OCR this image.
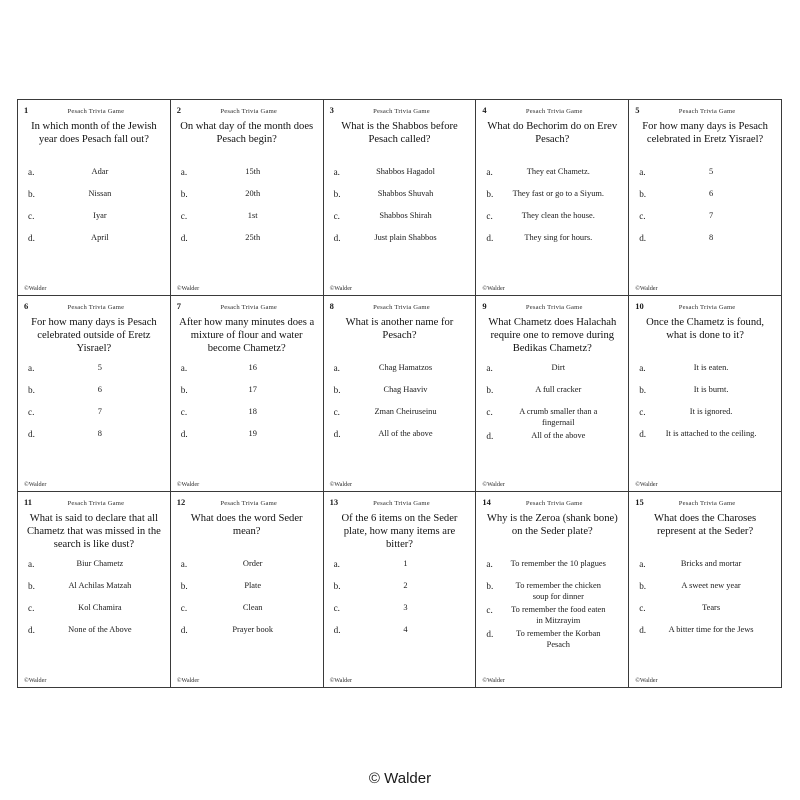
1	Pesach Trivia Game
In which month of the Jewish year does Pesach fall out?
a.	Adar
b.	Nissan
c.	Iyar
d.	April
©Walder
2	Pesach Trivia Game
On what day of the month does Pesach begin?
a.	15th
b.	20th
c.	1st
d.	25th
©Walder
3	Pesach Trivia Game
What is the Shabbos before Pesach called?
a.	Shabbos Hagadol
b.	Shabbos Shuvah
c.	Shabbos Shirah
d.	Just plain Shabbos
©Walder
4	Pesach Trivia Game
What do Bechorim do on Erev Pesach?
a.	They eat Chametz.
b.	They fast or go to a Siyum.
c.	They clean the house.
d.	They sing for hours.
©Walder
5	Pesach Trivia Game
For how many days is Pesach celebrated in Eretz Yisrael?
a.	5
b.	6
c.	7
d.	8
©Walder
6	Pesach Trivia Game
For how many days is Pesach celebrated outside of Eretz Yisrael?
a.	5
b.	6
c.	7
d.	8
©Walder
7	Pesach Trivia Game
After how many minutes does a mixture of flour and water become Chametz?
a.	16
b.	17
c.	18
d.	19
©Walder
8	Pesach Trivia Game
What is another name for Pesach?
a.	Chag Hamatzos
b.	Chag Haaviv
c.	Zman Cheiruseinu
d.	All of the above
©Walder
9	Pesach Trivia Game
What Chametz does Halachah require one to remove during Bedikas Chametz?
a.	Dirt
b.	A full cracker
c.	A crumb smaller than a fingernail
d.	All of the above
©Walder
10	Pesach Trivia Game
Once the Chametz is found, what is done to it?
a.	It is eaten.
b.	It is burnt.
c.	It is ignored.
d.	It is attached to the ceiling.
©Walder
11	Pesach Trivia Game
What is said to declare that all Chametz that was missed in the search is like dust?
a.	Biur Chametz
b.	Al Achilas Matzah
c.	Kol Chamira
d.	None of the Above
©Walder
12	Pesach Trivia Game
What does the word Seder mean?
a.	Order
b.	Plate
c.	Clean
d.	Prayer book
©Walder
13	Pesach Trivia Game
Of the 6 items on the Seder plate, how many items are bitter?
a.	1
b.	2
c.	3
d.	4
©Walder
14	Pesach Trivia Game
Why is the Zeroa (shank bone) on the Seder plate?
a.	To remember the 10 plagues
b.	To remember the chicken soup for dinner
c.	To remember the food eaten in Mitzrayim
d.	To remember the Korban Pesach
©Walder
15	Pesach Trivia Game
What does the Charoses represent at the Seder?
a.	Bricks and mortar
b.	A sweet new year
c.	Tears
d.	A bitter time for the Jews
©Walder
© Walder
